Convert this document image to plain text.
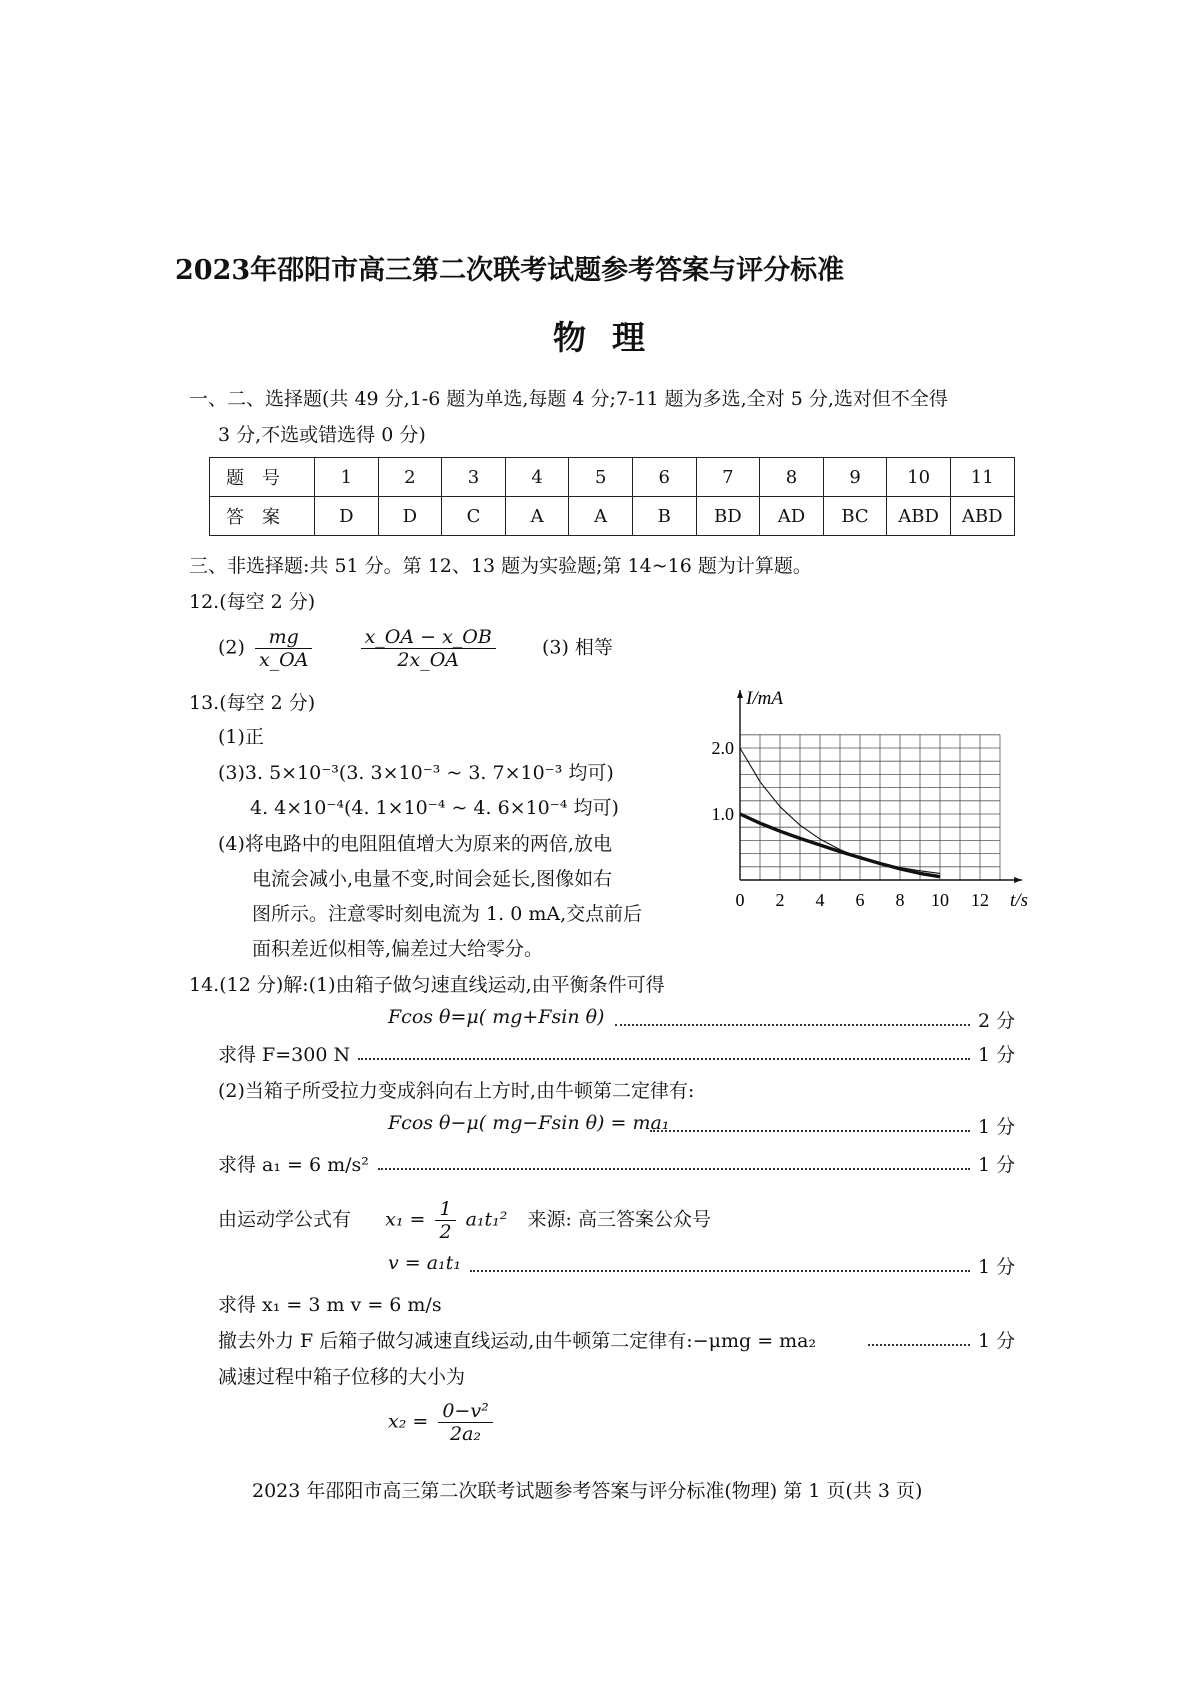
2023年邵阳市高三第二次联考试题参考答案与评分标准
物理
一、二、选择题(共 49 分,1-6 题为单选,每题 4 分;7-11 题为多选,全对 5 分,选对但不全得
3 分,不选或错选得 0 分)
题号	1	2	3	4	5	6	7	8	9	10	11
答案	D	D	C	A	A	B	BD	AD	BC	ABD	ABD
三、非选择题:共 51 分。第 12、13 题为实验题;第 14~16 题为计算题。
12.(每空 2 分)
$(2) \frac{mg}{x\_OA}$
	$\frac{x\_OA - x\_OB}{2x\_OA} (3)$ 相等
13.(每空 2 分)
(1)正
(3)3. 5×10⁻³(3. 3×10⁻³ ~ 3. 7×10⁻³ 均可)
4. 4×10⁻⁴(4. 1×10⁻⁴ ~ 4. 6×10⁻⁴ 均可)
(4)将电路中的电阻阻值增大为原来的两倍,放电
电流会减小,电量不变,时间会延长,图像如右
图所示。注意零时刻电流为 1. 0 mA,交点前后
面积差近似相等,偏差过大给零分。
0 2 4 6 8 10 12
1.0
2.0
I/mA
t/s
14.(12 分)解:(1)由箱子做匀速直线运动,由平衡条件可得
Fcos θ=μ( mg+Fsin θ)	2 分
求得 F=300 N	1 分
(2)当箱子所受拉力变成斜向右上方时,由牛顿第二定律有:
Fcos θ−μ( mg−Fsin θ) = ma₁	1 分
求得 a₁ = 6 m/s²	1 分
由运动学公式有 $x_1 = \frac{1}{2} a_1t_1^2$ 来源: 高三答案公众号
v = a₁t₁	1 分
求得 x₁ = 3 m v = 6 m/s
撤去外力 F 后箱子做匀减速直线运动,由牛顿第二定律有:−μmg = ma₂	1 分
减速过程中箱子位移的大小为
$x_2 = \frac{\text{0−v²}}{\text{2a₂}}$
2023 年邵阳市高三第二次联考试题参考答案与评分标准(物理) 第 1 页(共 3 页)
